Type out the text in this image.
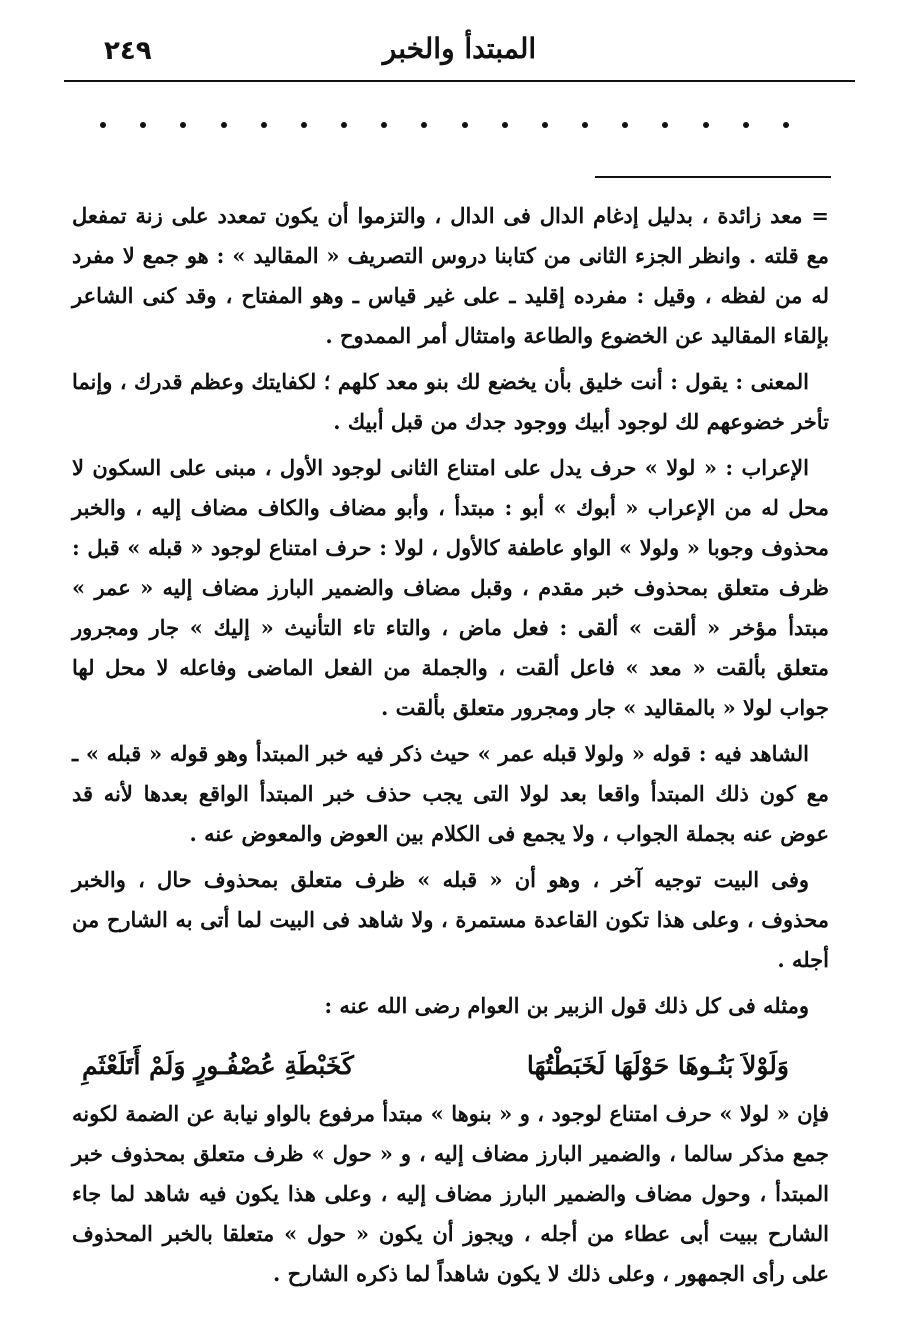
٢٤٩	المبتدأ والخبر

= معد زائدة ، بدليل إدغام الدال فى الدال ، والتزموا أن يكون تمعدد على زنة تمفعل مع قلته . وانظر الجزء الثانى من كتابنا دروس التصريف « المقاليد » : هو جمع لا مفرد له من لفظه ، وقيل : مفرده إقليد ـ على غير قياس ـ وهو المفتاح ، وقد كنى الشاعر بإلقاء المقاليد عن الخضوع والطاعة وامتثال أمر الممدوح .

المعنى : يقول : أنت خليق بأن يخضع لك بنو معد كلهم ؛ لكفايتك وعظم قدرك ، وإنما تأخر خضوعهم لك لوجود أبيك ووجود جدك من قبل أبيك .

الإعراب : « لولا » حرف يدل على امتناع الثانى لوجود الأول ، مبنى على السكون لا محل له من الإعراب « أبوك » أبو : مبتدأ ، وأبو مضاف والكاف مضاف إليه ، والخبر محذوف وجوبا « ولولا » الواو عاطفة كالأول ، لولا : حرف امتناع لوجود « قبله » قبل : ظرف متعلق بمحذوف خبر مقدم ، وقبل مضاف والضمير البارز مضاف إليه « عمر » مبتدأ مؤخر « ألقت » ألقى : فعل ماض ، والتاء تاء التأنيث « إليك » جار ومجرور متعلق بألقت « معد » فاعل ألقت ، والجملة من الفعل الماضى وفاعله لا محل لها جواب لولا « بالمقاليد » جار ومجرور متعلق بألقت .

الشاهد فيه : قوله « ولولا قبله عمر » حيث ذكر فيه خبر المبتدأ وهو قوله « قبله » ـ مع كون ذلك المبتدأ واقعا بعد لولا التى يجب حذف خبر المبتدأ الواقع بعدها لأنه قد عوض عنه بجملة الجواب ، ولا يجمع فى الكلام بين العوض والمعوض عنه .

وفى البيت توجيه آخر ، وهو أن « قبله » ظرف متعلق بمحذوف حال ، والخبر محذوف ، وعلى هذا تكون القاعدة مستمرة ، ولا شاهد فى البيت لما أتى به الشارح من أجله .

ومثله فى كل ذلك قول الزبير بن العوام رضى الله عنه :

وَلَوْلاَ بَنُـوهَا حَوْلَهَا لَخَبَطْتُهَا
كَخَبْطَةِ عُصْفُـورٍ وَلَمْ أَتَلَعْثَمِ

فإن « لولا » حرف امتناع لوجود ، و « بنوها » مبتدأ مرفوع بالواو نيابة عن الضمة لكونه جمع مذكر سالما ، والضمير البارز مضاف إليه ، و « حول » ظرف متعلق بمحذوف خبر المبتدأ ، وحول مضاف والضمير البارز مضاف إليه ، وعلى هذا يكون فيه شاهد لما جاء الشارح ببيت أبى عطاء من أجله ، ويجوز أن يكون « حول » متعلقا بالخبر المحذوف على رأى الجمهور ، وعلى ذلك لا يكون شاهداً لما ذكره الشارح .
